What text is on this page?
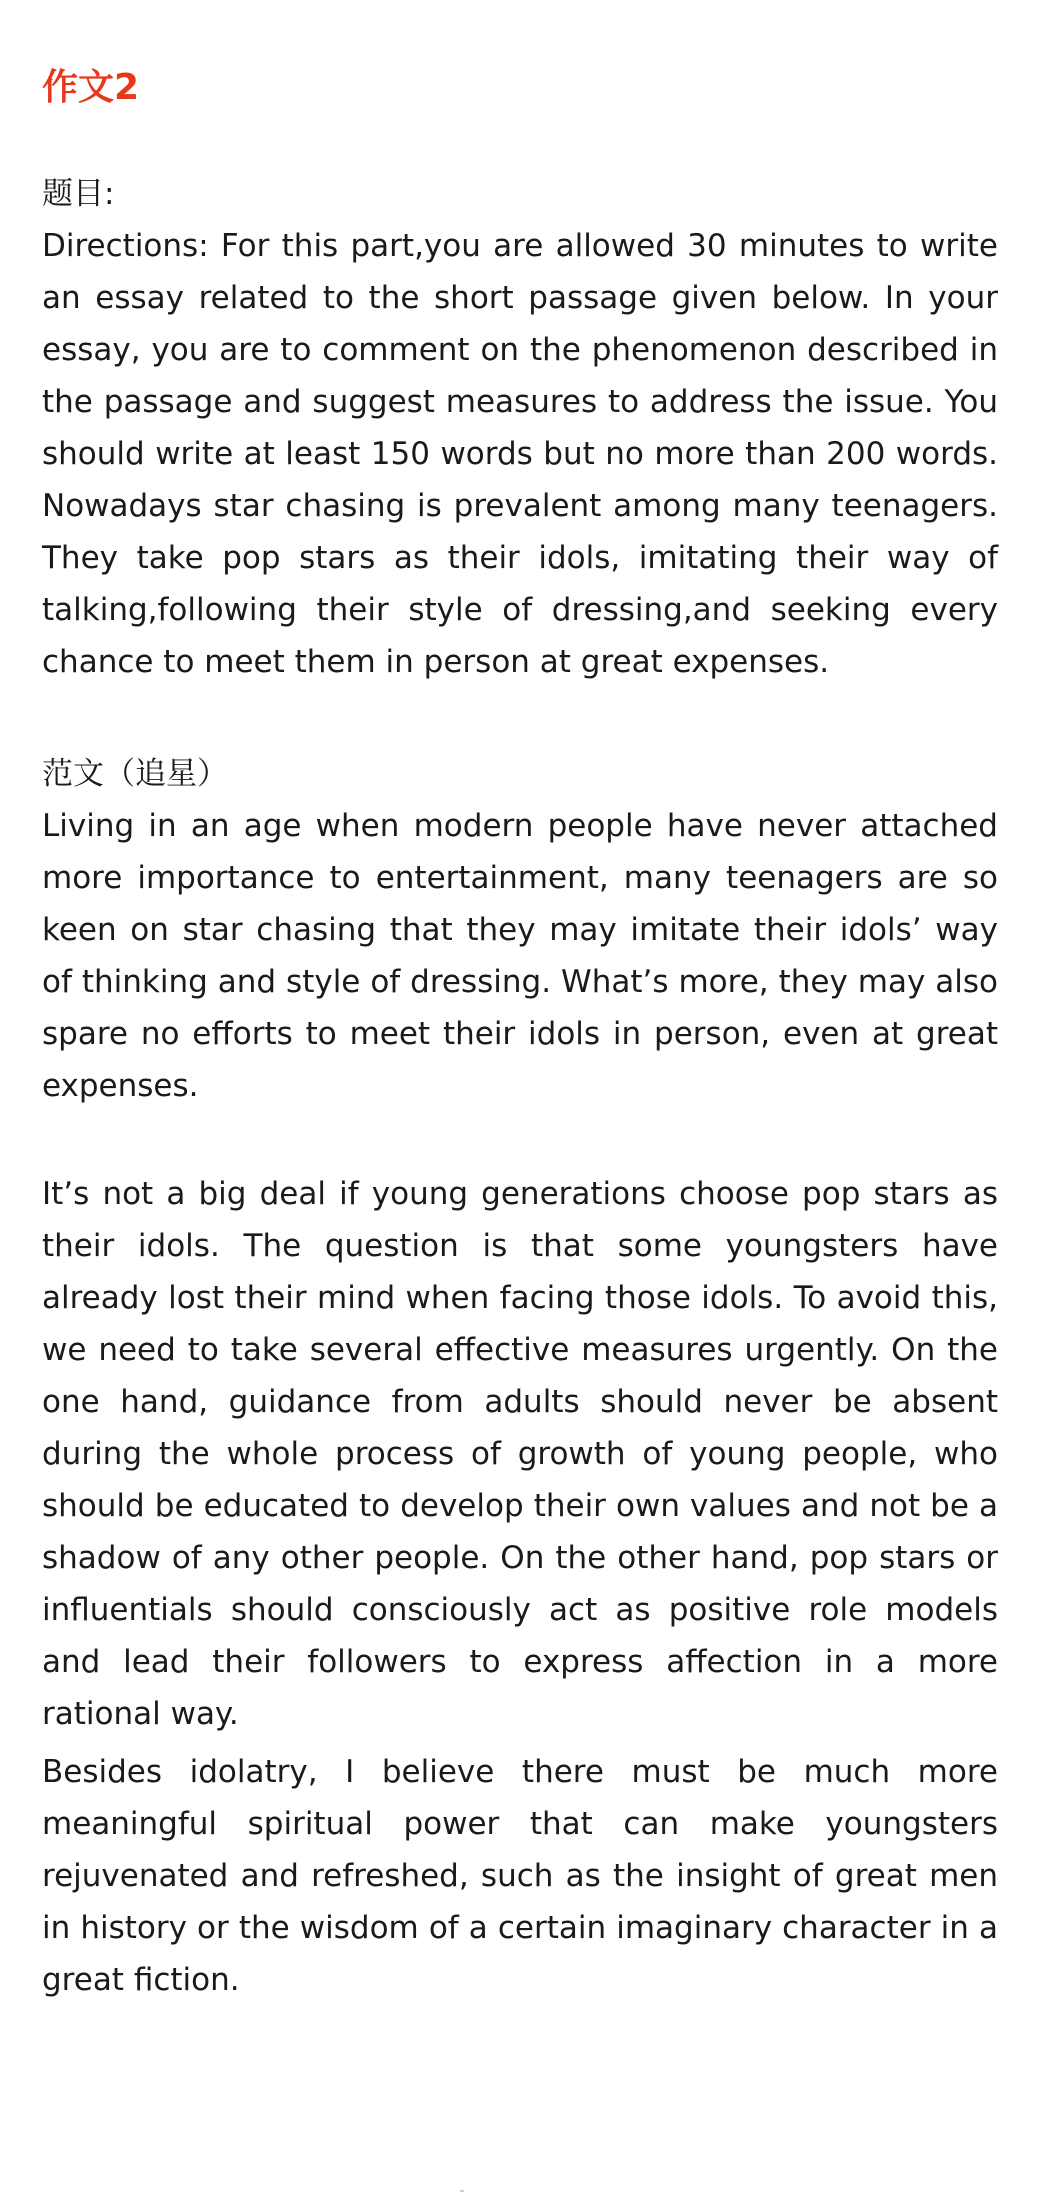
作文2
题目:

Directions: For this part,you are allowed 30 minutes to write an essay related to the short passage given below. In your essay, you are to comment on the phenomenon described in the passage and suggest measures to address the issue. You should write at least 150 words but no more than 200 words. Nowadays star chasing is prevalent among many teenagers. They take pop stars as their idols, imitating their way of talking,following their style of dressing,and seeking every chance to meet them in person at great expenses.

范文（追星）

Living in an age when modern people have never attached more importance to entertainment, many teenagers are so keen on star chasing that they may imitate their idols’ way of thinking and style of dressing. What’s more, they may also spare no efforts to meet their idols in person, even at great expenses.

It’s not a big deal if young generations choose pop stars as their idols. The question is that some youngsters have already lost their mind when facing those idols. To avoid this, we need to take several effective measures urgently. On the one hand, guidance from adults should never be absent during the whole process of growth of young people, who should be educated to develop their own values and not be a shadow of any other people. On the other hand, pop stars or influentials should consciously act as positive role models and lead their followers to express affection in a more rational way.

Besides idolatry, I believe there must be much more meaningful spiritual power that can make youngsters rejuvenated and refreshed, such as the insight of great men in history or the wisdom of a certain imaginary character in a great fiction.
